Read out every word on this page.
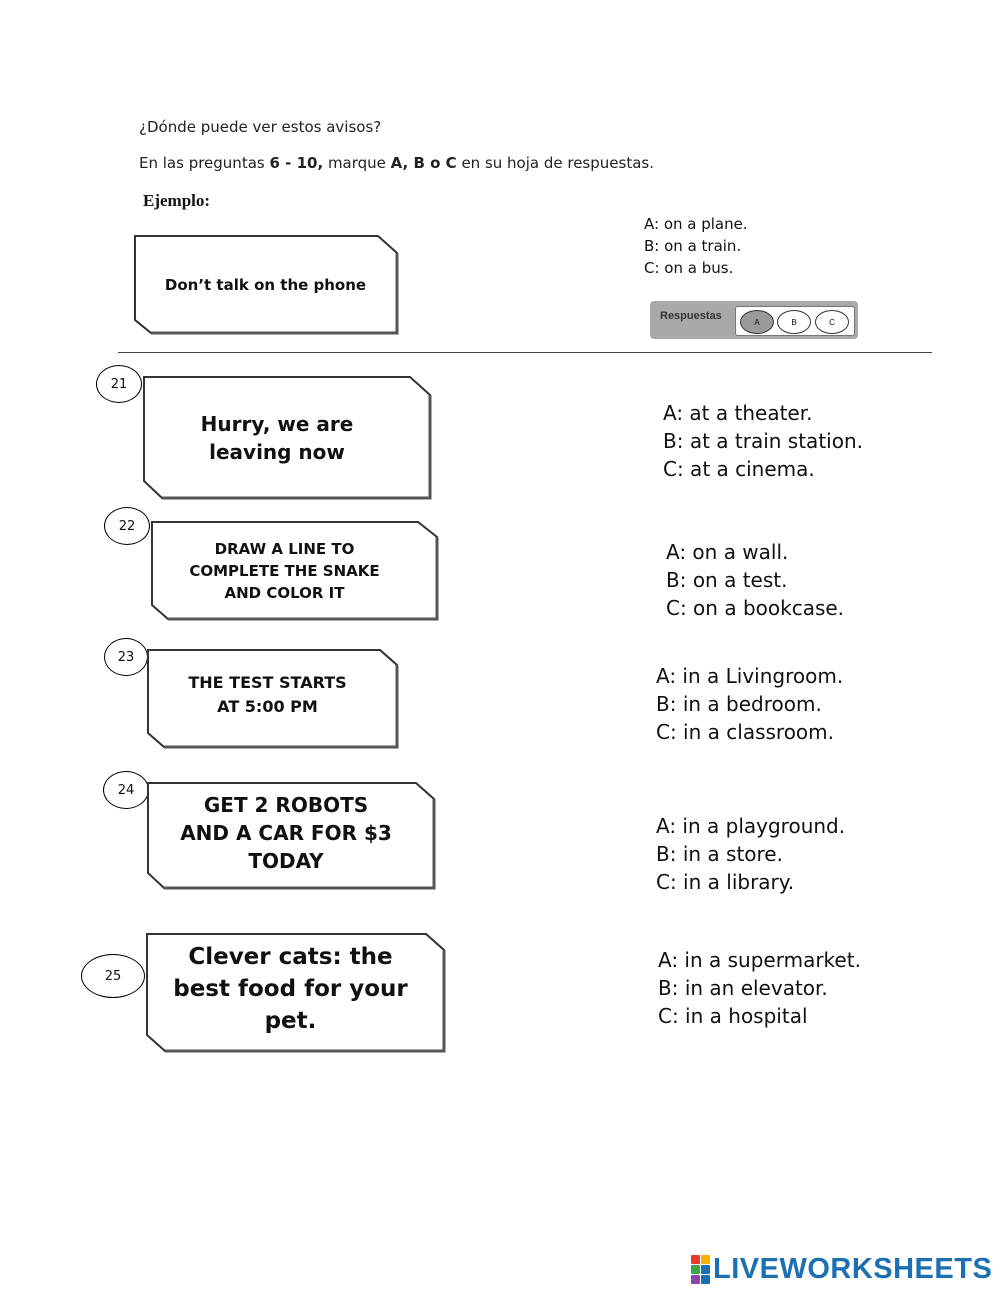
¿Dónde puede ver estos avisos?
En las preguntas 6 - 10, marque A, B o C en su hoja de respuestas.
Ejemplo:
Don’t talk on the phone
A: on a plane.
B: on a train.
C: on a bus.
Respuestas	A	B	C
21
Hurry, we are leaving now
A: at a theater.
B: at a train station.
C: at a cinema.
22
DRAW A LINE TO COMPLETE THE SNAKE AND COLOR IT
A: on a wall.
B: on a test.
C: on a bookcase.
23
THE TEST STARTS AT 5:00 PM
A: in a Livingroom.
B: in a bedroom.
C: in a classroom.
24
GET 2 ROBOTS AND A CAR FOR $3 TODAY
A: in a playground.
B: in a store.
C: in a library.
25
Clever cats: the best food for your pet.
A: in a supermarket.
B: in an elevator.
C: in a hospital
LIVEWORKSHEETS
